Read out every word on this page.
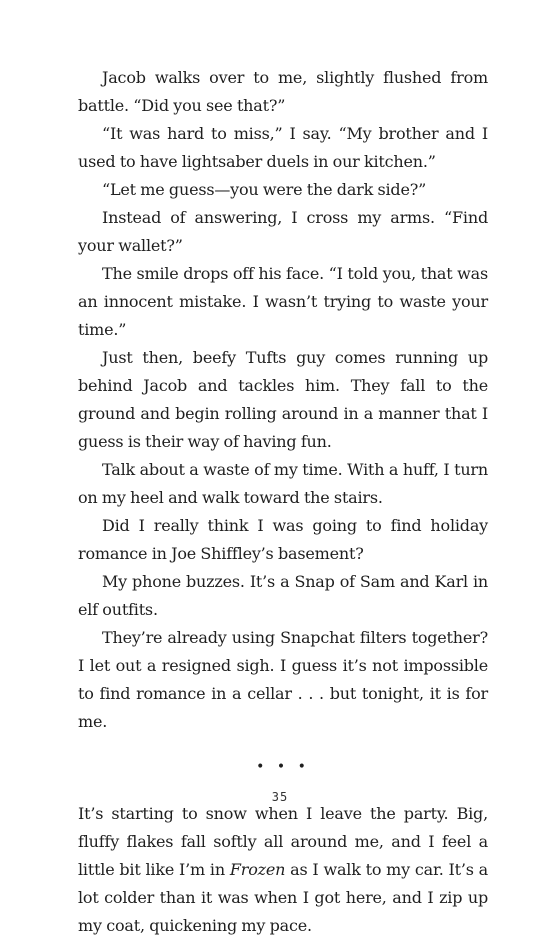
Jacob walks over to me, slightly flushed from battle. “Did you see that?”

“It was hard to miss,” I say. “My brother and I used to have lightsaber duels in our kitchen.”

“Let me guess—you were the dark side?”

Instead of answering, I cross my arms. “Find your wallet?”

The smile drops off his face. “I told you, that was an innocent mistake. I wasn’t trying to waste your time.”

Just then, beefy Tufts guy comes running up behind Jacob and tackles him. They fall to the ground and begin rolling around in a manner that I guess is their way of having fun.

Talk about a waste of my time. With a huff, I turn on my heel and walk toward the stairs.

Did I really think I was going to find holiday romance in Joe Shiffley’s basement?

My phone buzzes. It’s a Snap of Sam and Karl in elf outfits.

They’re already using Snapchat filters together? I let out a resigned sigh. I guess it’s not impossible to find romance in a cellar . . . but tonight, it is for me.

• • •

It’s starting to snow when I leave the party. Big, fluffy flakes fall softly all around me, and I feel a little bit like I’m in Frozen as I walk to my car. It’s a lot colder than it was when I got here, and I zip up my coat, quickening my pace.

35
